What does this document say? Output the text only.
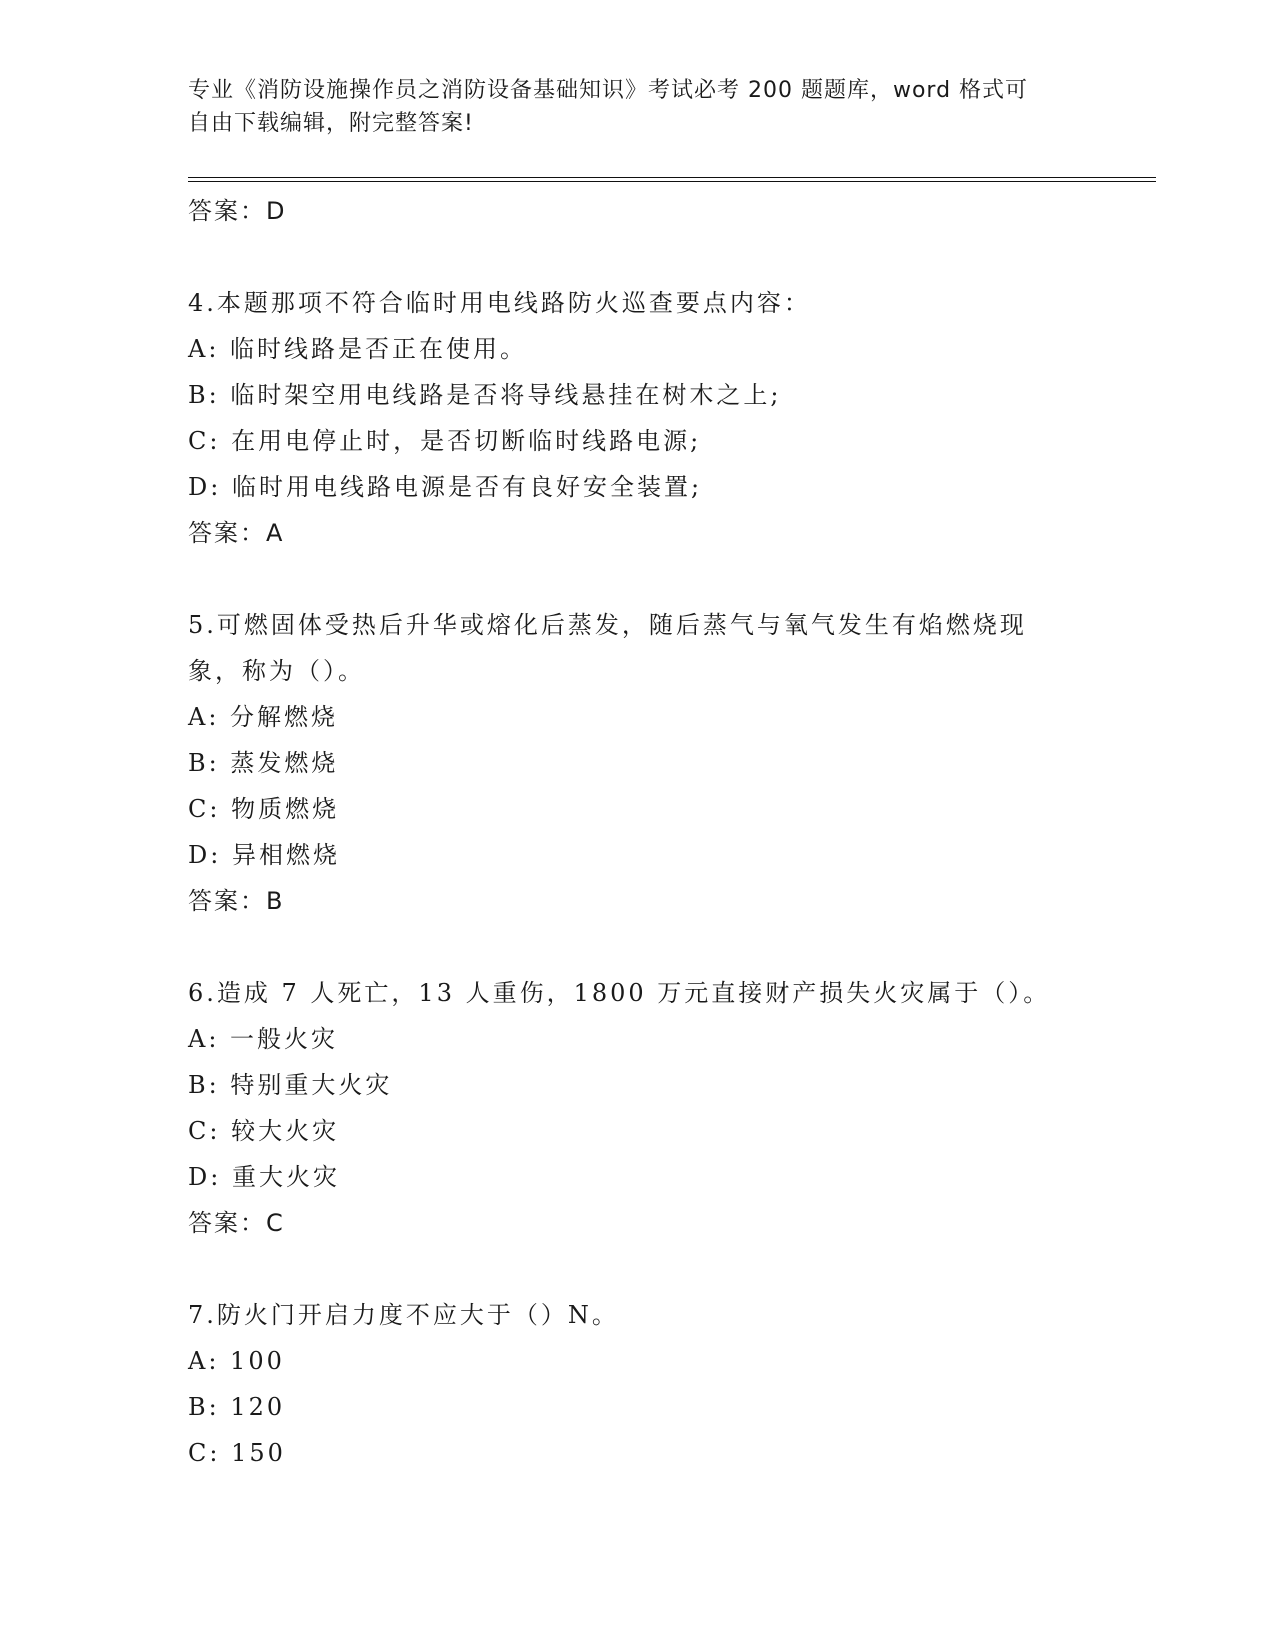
专业《消防设施操作员之消防设备基础知识》考试必考 200 题题库，word 格式可
自由下载编辑，附完整答案!
答案：D
4.本题那项不符合临时用电线路防火巡查要点内容：
A: 临时线路是否正在使用。
B: 临时架空用电线路是否将导线悬挂在树木之上;
C: 在用电停止时，是否切断临时线路电源;
D: 临时用电线路电源是否有良好安全装置;
答案：A
5.可燃固体受热后升华或熔化后蒸发，随后蒸气与氧气发生有焰燃烧现象，称为（）。
A: 分解燃烧
B: 蒸发燃烧
C: 物质燃烧
D: 异相燃烧
答案：B
6.造成 7 人死亡，13 人重伤，1800 万元直接财产损失火灾属于（）。
A: 一般火灾
B: 特别重大火灾
C: 较大火灾
D: 重大火灾
答案：C
7.防火门开启力度不应大于（）N。
A: 100
B: 120
C: 150
